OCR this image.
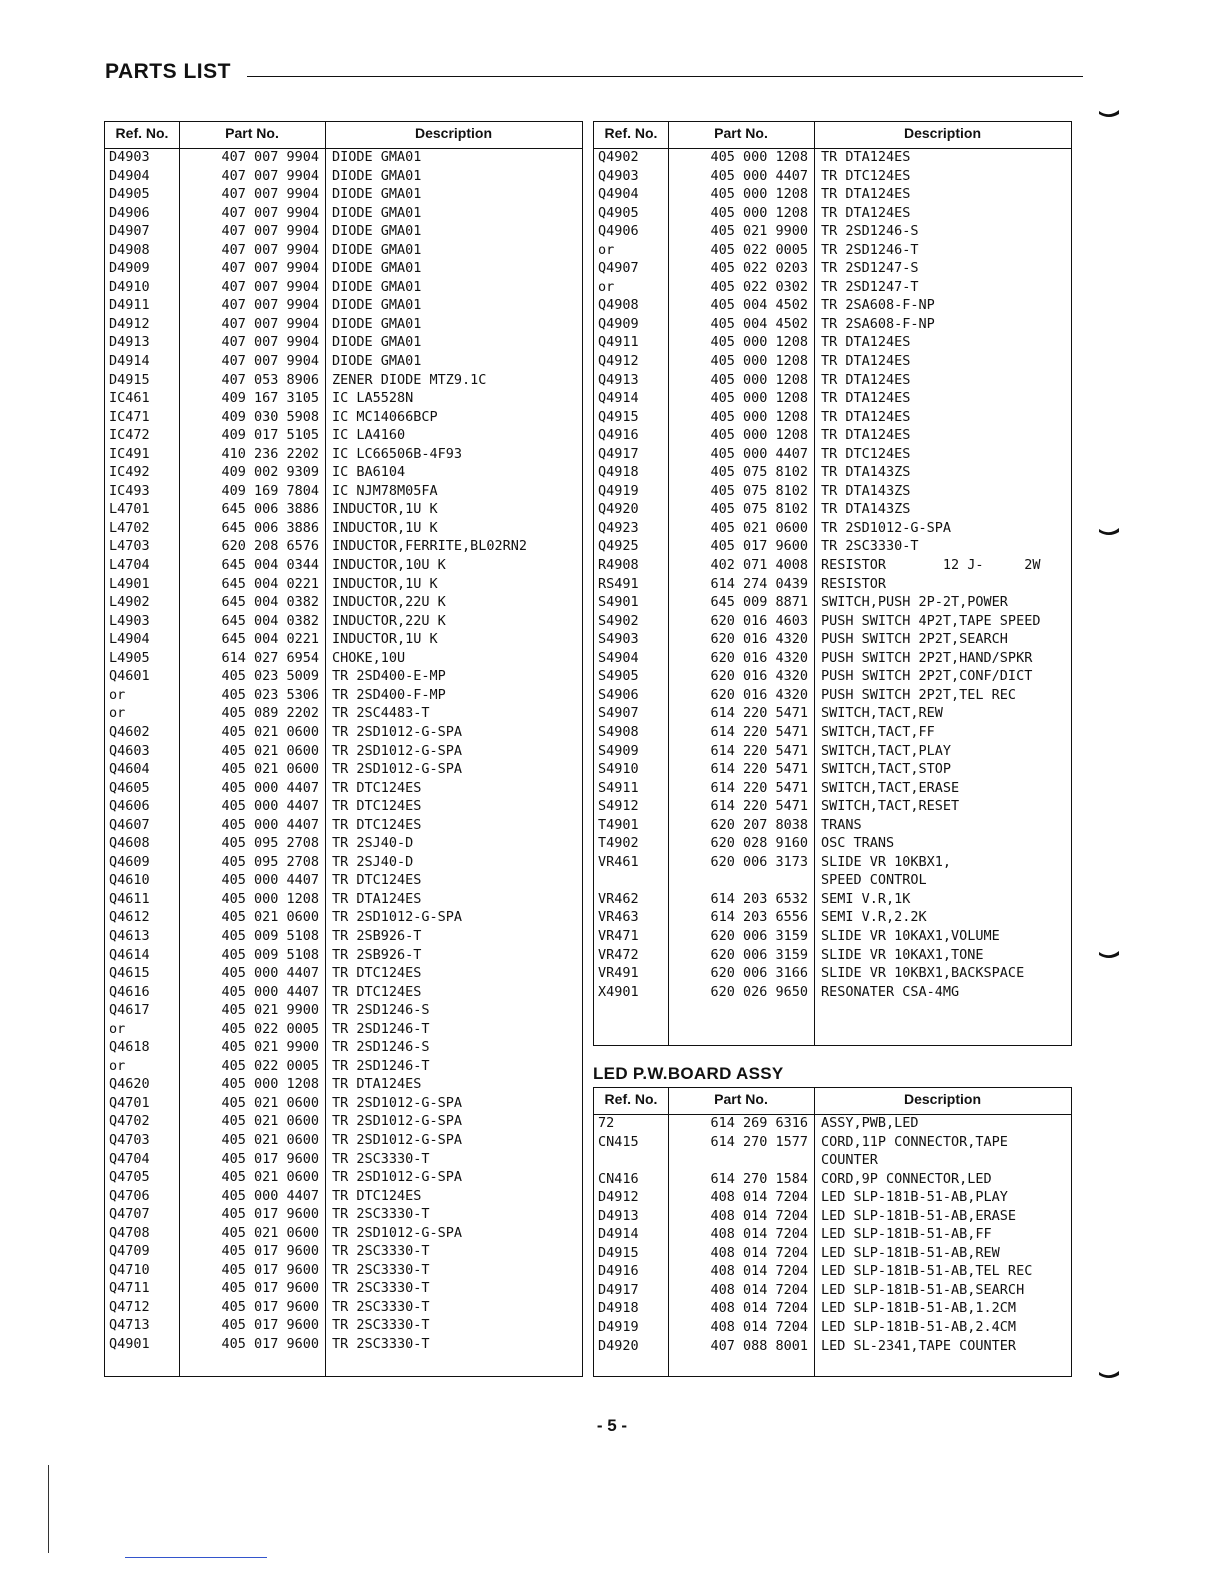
PARTS LIST
Ref. No.	Part No.	Description
D4903	407 007 9904 DIODE GMA01
D4904	407 007 9904 DIODE GMA01
D4905	407 007 9904 DIODE GMA01
D4906	407 007 9904 DIODE GMA01
D4907	407 007 9904 DIODE GMA01
D4908	407 007 9904 DIODE GMA01
D4909	407 007 9904 DIODE GMA01
D4910	407 007 9904 DIODE GMA01
D4911	407 007 9904 DIODE GMA01
D4912	407 007 9904 DIODE GMA01
D4913	407 007 9904 DIODE GMA01
D4914	407 007 9904 DIODE GMA01
D4915	407 053 8906 ZENER DIODE MTZ9.1C
IC461	409 167 3105 IC LA5528N
IC471	409 030 5908 IC MC14066BCP
IC472	409 017 5105 IC LA4160
IC491	410 236 2202 IC LC66506B-4F93
IC492	409 002 9309 IC BA6104
IC493	409 169 7804 IC NJM78M05FA
L4701	645 006 3886 INDUCTOR,1U K
L4702	645 006 3886 INDUCTOR,1U K
L4703	620 208 6576 INDUCTOR,FERRITE,BL02RN2
L4704	645 004 0344 INDUCTOR,10U K
L4901	645 004 0221 INDUCTOR,1U K
L4902	645 004 0382 INDUCTOR,22U K
L4903	645 004 0382 INDUCTOR,22U K
L4904	645 004 0221 INDUCTOR,1U K
L4905	614 027 6954 CHOKE,10U
Q4601	405 023 5009 TR 2SD400-E-MP
or	405 023 5306 TR 2SD400-F-MP
or	405 089 2202 TR 2SC4483-T
Q4602	405 021 0600 TR 2SD1012-G-SPA
Q4603	405 021 0600 TR 2SD1012-G-SPA
Q4604	405 021 0600 TR 2SD1012-G-SPA
Q4605	405 000 4407 TR DTC124ES
Q4606	405 000 4407 TR DTC124ES
Q4607	405 000 4407 TR DTC124ES
Q4608	405 095 2708 TR 2SJ40-D
Q4609	405 095 2708 TR 2SJ40-D
Q4610	405 000 4407 TR DTC124ES
Q4611	405 000 1208 TR DTA124ES
Q4612	405 021 0600 TR 2SD1012-G-SPA
Q4613	405 009 5108 TR 2SB926-T
Q4614	405 009 5108 TR 2SB926-T
Q4615	405 000 4407 TR DTC124ES
Q4616	405 000 4407 TR DTC124ES
Q4617	405 021 9900 TR 2SD1246-S
or	405 022 0005 TR 2SD1246-T
Q4618	405 021 9900 TR 2SD1246-S
or	405 022 0005 TR 2SD1246-T
Q4620	405 000 1208 TR DTA124ES
Q4701	405 021 0600 TR 2SD1012-G-SPA
Q4702	405 021 0600 TR 2SD1012-G-SPA
Q4703	405 021 0600 TR 2SD1012-G-SPA
Q4704	405 017 9600 TR 2SC3330-T
Q4705	405 021 0600 TR 2SD1012-G-SPA
Q4706	405 000 4407 TR DTC124ES
Q4707	405 017 9600 TR 2SC3330-T
Q4708	405 021 0600 TR 2SD1012-G-SPA
Q4709	405 017 9600 TR 2SC3330-T
Q4710	405 017 9600 TR 2SC3330-T
Q4711	405 017 9600 TR 2SC3330-T
Q4712	405 017 9600 TR 2SC3330-T
Q4713	405 017 9600 TR 2SC3330-T
Q4901	405 017 9600 TR 2SC3330-T
Ref. No.	Part No.	Description
Q4902	405 000 1208 TR DTA124ES
Q4903	405 000 4407 TR DTC124ES
Q4904	405 000 1208 TR DTA124ES
Q4905	405 000 1208 TR DTA124ES
Q4906	405 021 9900 TR 2SD1246-S
or	405 022 0005 TR 2SD1246-T
Q4907	405 022 0203 TR 2SD1247-S
or	405 022 0302 TR 2SD1247-T
Q4908	405 004 4502 TR 2SA608-F-NP
Q4909	405 004 4502 TR 2SA608-F-NP
Q4911	405 000 1208 TR DTA124ES
Q4912	405 000 1208 TR DTA124ES
Q4913	405 000 1208 TR DTA124ES
Q4914	405 000 1208 TR DTA124ES
Q4915	405 000 1208 TR DTA124ES
Q4916	405 000 1208 TR DTA124ES
Q4917	405 000 4407 TR DTC124ES
Q4918	405 075 8102 TR DTA143ZS
Q4919	405 075 8102 TR DTA143ZS
Q4920	405 075 8102 TR DTA143ZS
Q4923	405 021 0600 TR 2SD1012-G-SPA
Q4925	405 017 9600 TR 2SC3330-T
R4908	402 071 4008 RESISTOR       12 J-     2W
RS491	614 274 0439 RESISTOR
S4901	645 009 8871 SWITCH,PUSH 2P-2T,POWER
S4902	620 016 4603 PUSH SWITCH 4P2T,TAPE SPEED
S4903	620 016 4320 PUSH SWITCH 2P2T,SEARCH
S4904	620 016 4320 PUSH SWITCH 2P2T,HAND/SPKR
S4905	620 016 4320 PUSH SWITCH 2P2T,CONF/DICT
S4906	620 016 4320 PUSH SWITCH 2P2T,TEL REC
S4907	614 220 5471 SWITCH,TACT,REW
S4908	614 220 5471 SWITCH,TACT,FF
S4909	614 220 5471 SWITCH,TACT,PLAY
S4910	614 220 5471 SWITCH,TACT,STOP
S4911	614 220 5471 SWITCH,TACT,ERASE
S4912	614 220 5471 SWITCH,TACT,RESET
T4901	620 207 8038 TRANS
T4902	620 028 9160 OSC TRANS
VR461	620 006 3173 SLIDE VR 10KBX1,
SPEED CONTROL
VR462	614 203 6532 SEMI V.R,1K
VR463	614 203 6556 SEMI V.R,2.2K
VR471	620 006 3159 SLIDE VR 10KAX1,VOLUME
VR472	620 006 3159 SLIDE VR 10KAX1,TONE
VR491	620 006 3166 SLIDE VR 10KBX1,BACKSPACE
X4901	620 026 9650 RESONATER CSA-4MG
LED P.W.BOARD ASSY
Ref. No.	Part No.	Description
72	614 269 6316 ASSY,PWB,LED
CN415	614 270 1577 CORD,11P CONNECTOR,TAPE
COUNTER
CN416	614 270 1584 CORD,9P CONNECTOR,LED
D4912	408 014 7204 LED SLP-181B-51-AB,PLAY
D4913	408 014 7204 LED SLP-181B-51-AB,ERASE
D4914	408 014 7204 LED SLP-181B-51-AB,FF
D4915	408 014 7204 LED SLP-181B-51-AB,REW
D4916	408 014 7204 LED SLP-181B-51-AB,TEL REC
D4917	408 014 7204 LED SLP-181B-51-AB,SEARCH
D4918	408 014 7204 LED SLP-181B-51-AB,1.2CM
D4919	408 014 7204 LED SLP-181B-51-AB,2.4CM
D4920	407 088 8001 LED SL-2341,TAPE COUNTER
- 5 -
